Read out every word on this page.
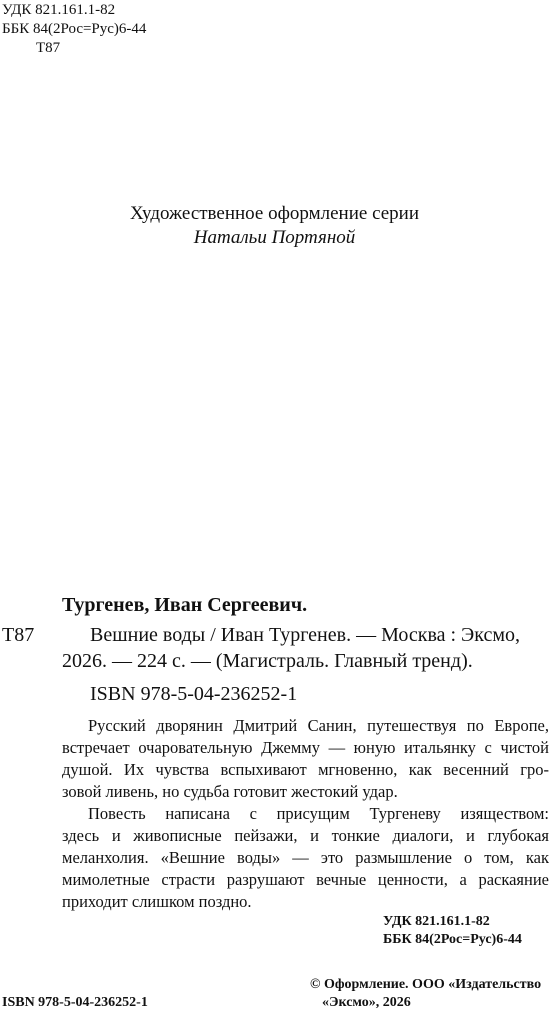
УДК 821.161.1-82
ББК 84(2Рос=Рус)6-44
Т87
Художественное оформление серии
Натальи Портяной
Тургенев, Иван Сергеевич.
Т87	Вешние воды / Иван Тургенев. — Москва : Эксмо,
2026. — 224 с. — (Магистраль. Главный тренд).
ISBN 978-5-04-236252-1
Русский дворянин Дмитрий Санин, путешествуя по Европе,
встречает очаровательную Джемму — юную итальянку с чистой
душой. Их чувства вспыхивают мгновенно, как весенний гро-
зовой ливень, но судьба готовит жестокий удар.
Повесть написана с присущим Тургеневу изяществом:
здесь и живописные пейзажи, и тонкие диалоги, и глубокая
меланхолия. «Вешние воды» — это размышление о том, как
мимолетные страсти разрушают вечные ценности, а раскаяние
приходит слишком поздно.
УДК 821.161.1-82
ББК 84(2Рос=Рус)6-44
© Оформление. ООО «Издательство
«Эксмо», 2026
ISBN 978-5-04-236252-1
